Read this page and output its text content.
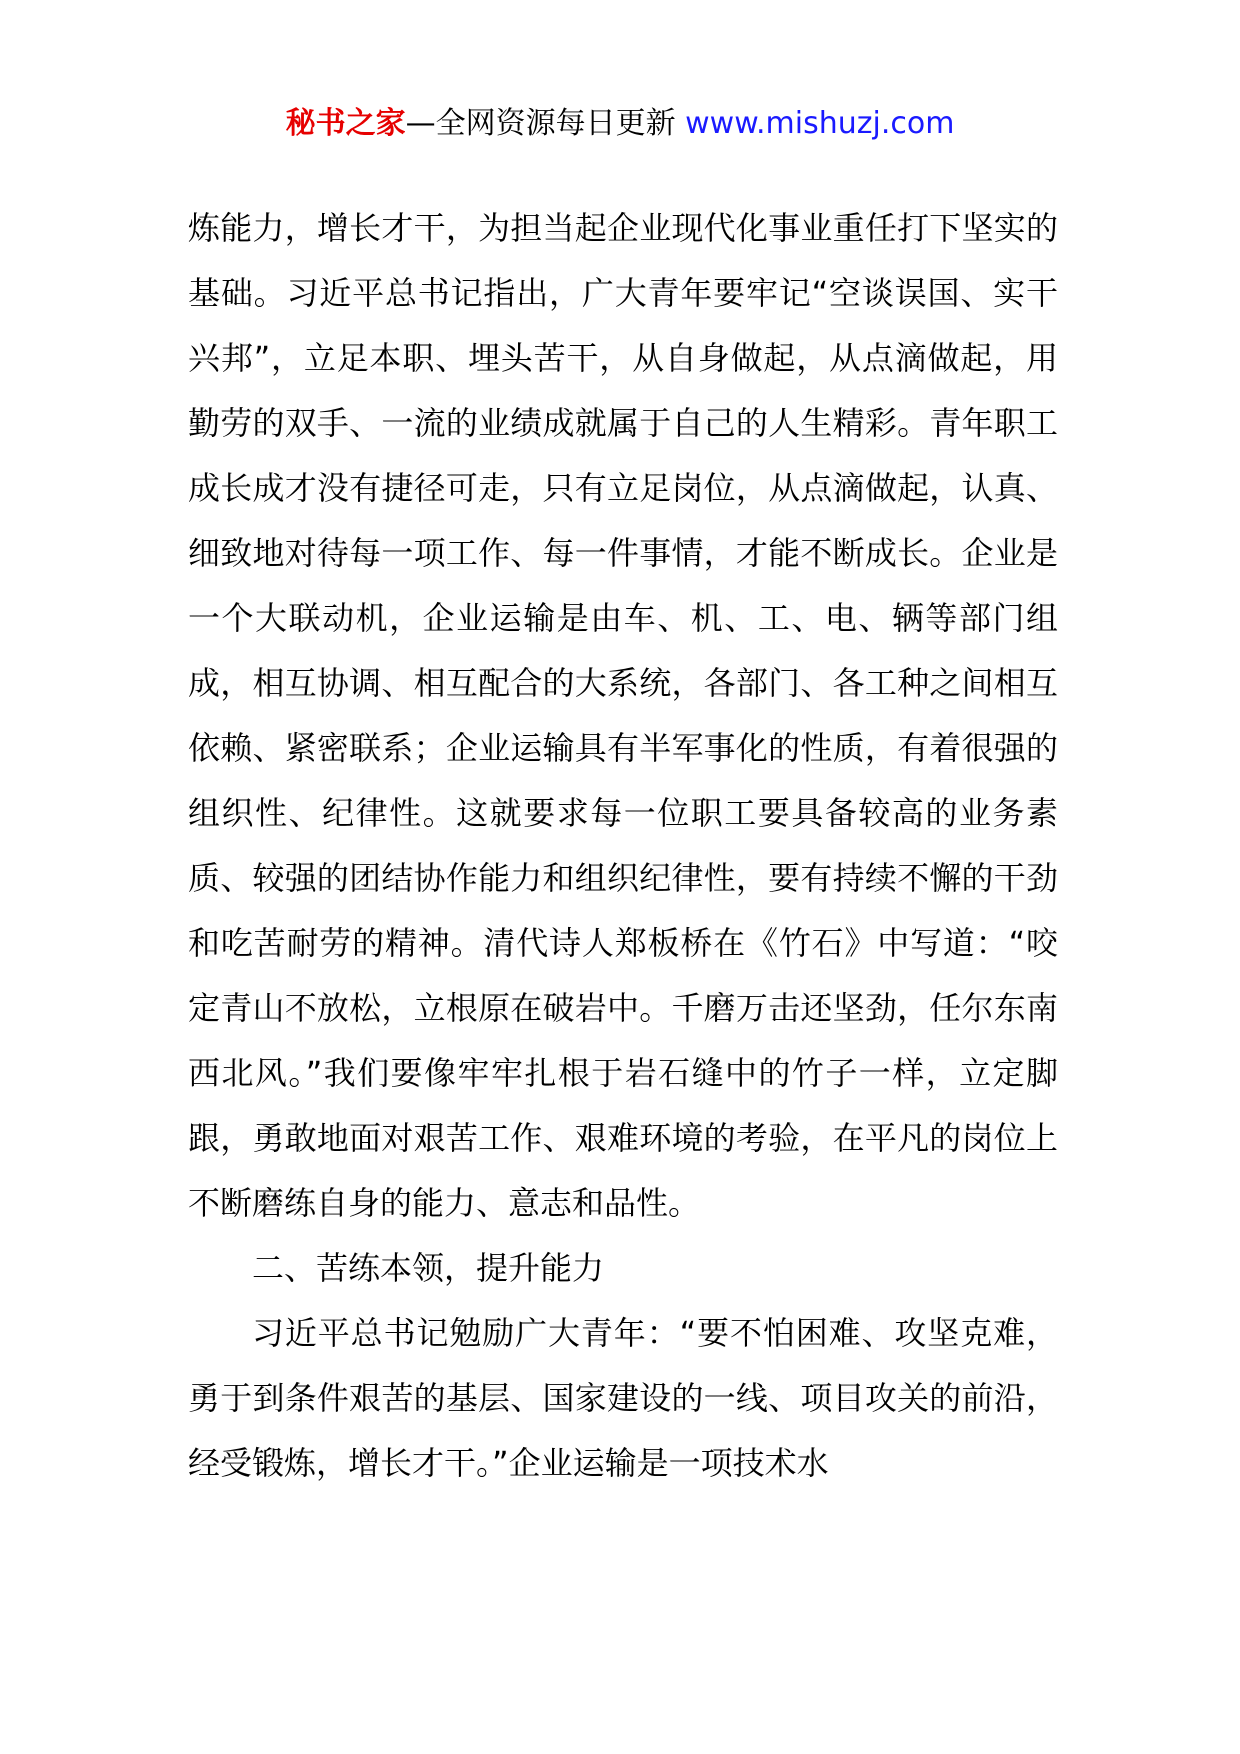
秘书之家—全网资源每日更新 www.mishuzj.com

炼能力，增长才干，为担当起企业现代化事业重任打下坚实的基础。习近平总书记指出，广大青年要牢记“空谈误国、实干兴邦”，立足本职、埋头苦干，从自身做起，从点滴做起，用勤劳的双手、一流的业绩成就属于自己的人生精彩。青年职工成长成才没有捷径可走，只有立足岗位，从点滴做起，认真、细致地对待每一项工作、每一件事情，才能不断成长。企业是一个大联动机，企业运输是由车、机、工、电、辆等部门组成，相互协调、相互配合的大系统，各部门、各工种之间相互依赖、紧密联系；企业运输具有半军事化的性质，有着很强的组织性、纪律性。这就要求每一位职工要具备较高的业务素质、较强的团结协作能力和组织纪律性，要有持续不懈的干劲和吃苦耐劳的精神。清代诗人郑板桥在《竹石》中写道：“咬定青山不放松，立根原在破岩中。千磨万击还坚劲，任尔东南西北风。”我们要像牢牢扎根于岩石缝中的竹子一样，立定脚跟，勇敢地面对艰苦工作、艰难环境的考验，在平凡的岗位上不断磨练自身的能力、意志和品性。

二、苦练本领，提升能力

习近平总书记勉励广大青年：“要不怕困难、攻坚克难，勇于到条件艰苦的基层、国家建设的一线、项目攻关的前沿，经受锻炼，增长才干。”企业运输是一项技术水
